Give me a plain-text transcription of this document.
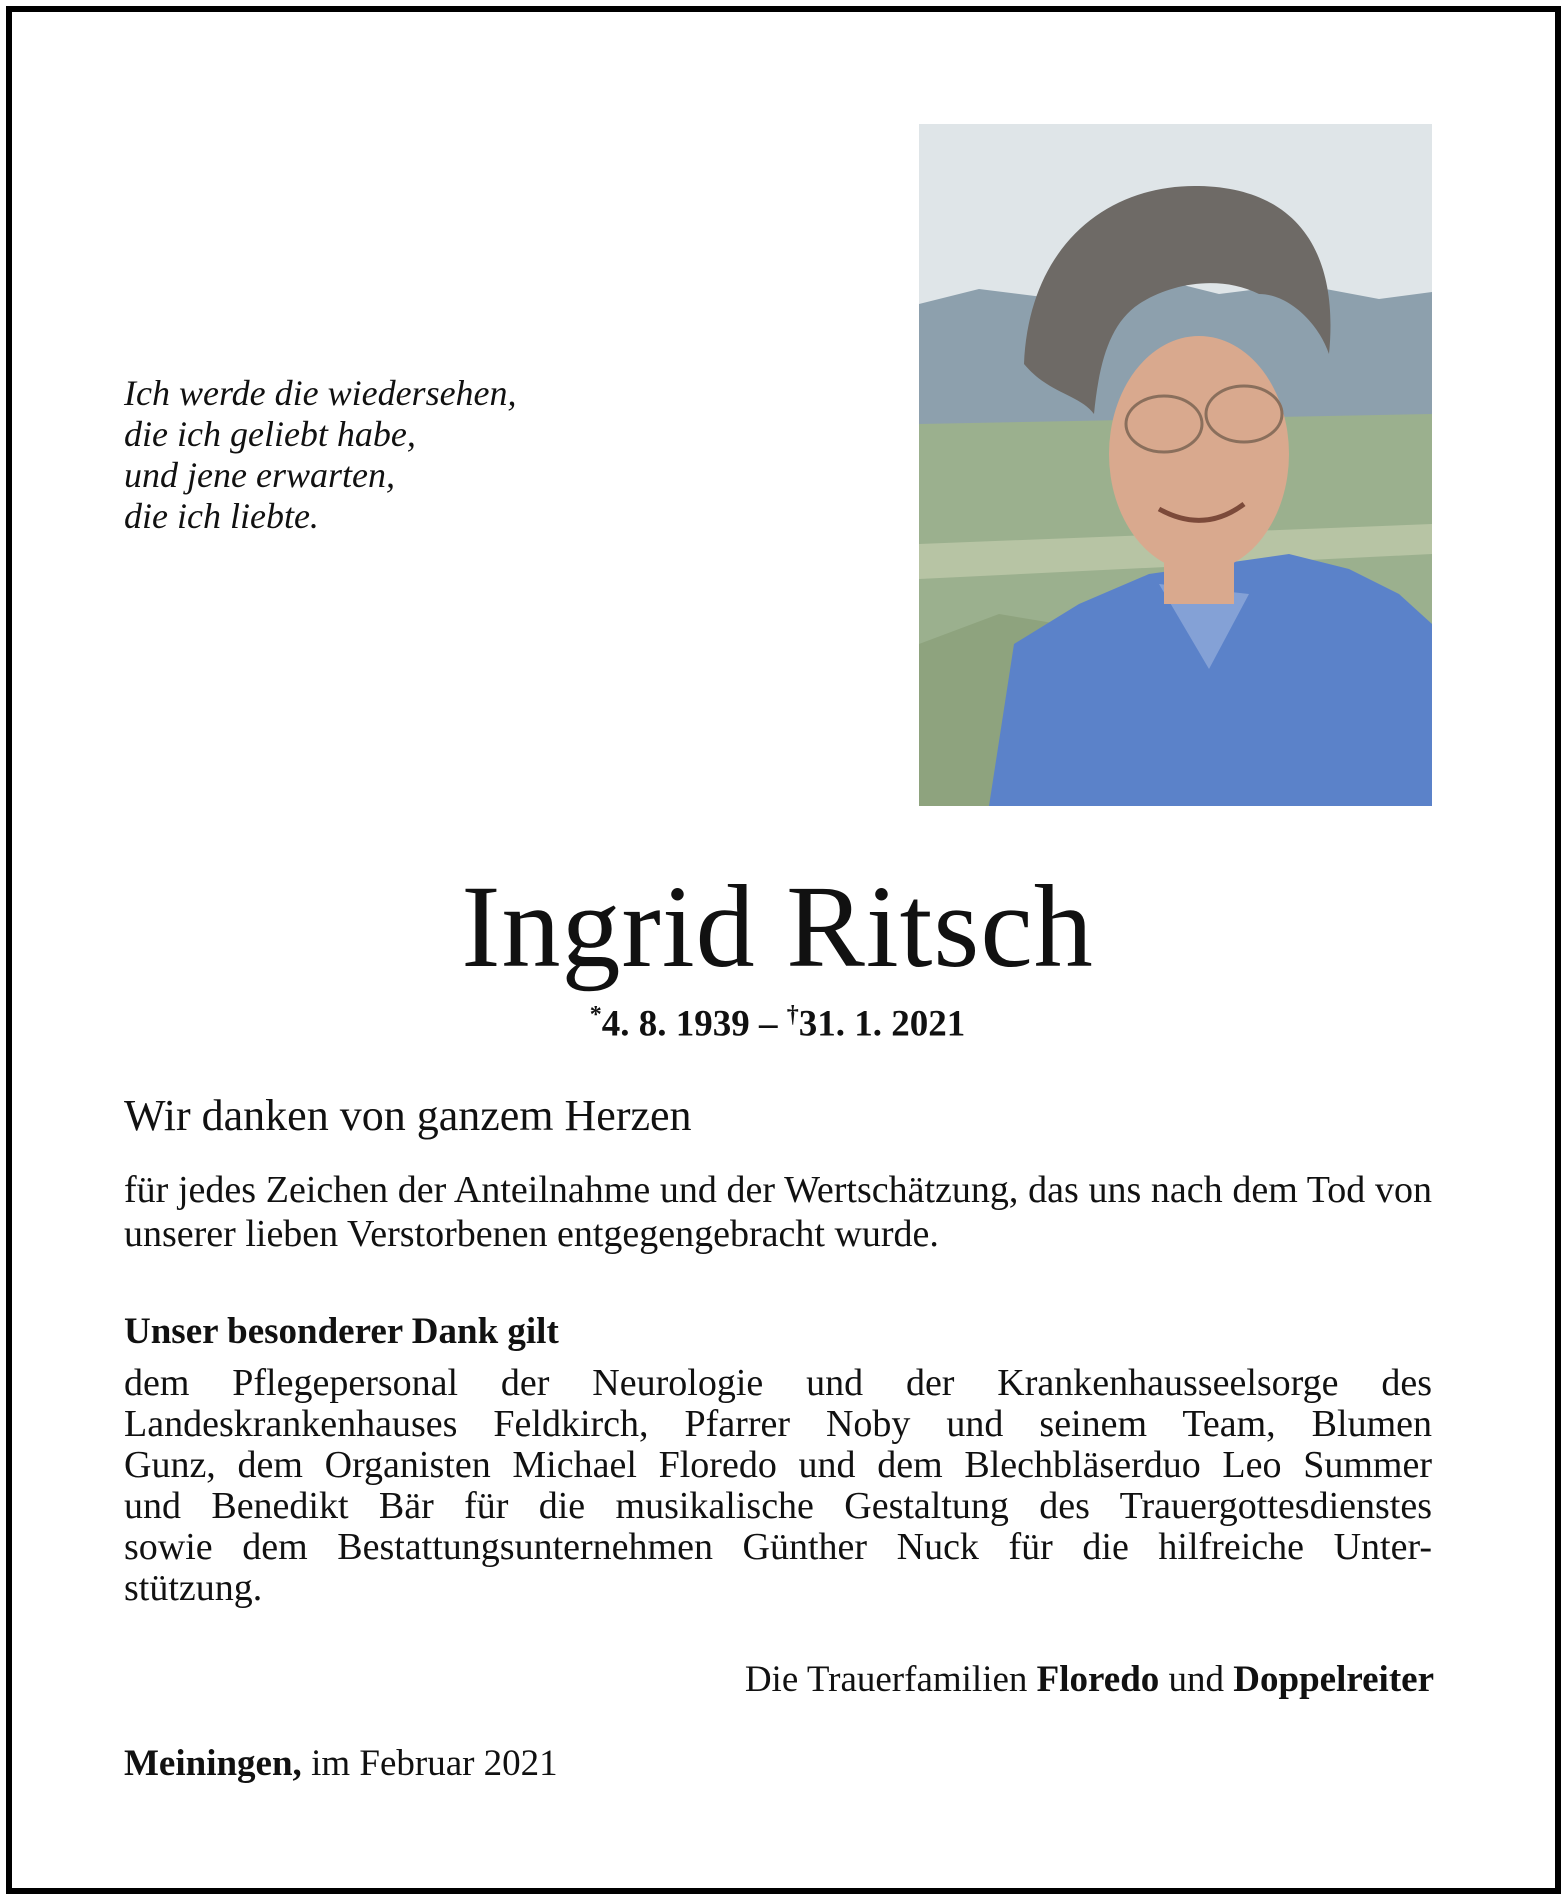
Ich werde die wiedersehen,
die ich geliebt habe,
und jene erwarten,
die ich liebte.
Ingrid Ritsch
*4. 8. 1939 – †31. 1. 2021
Wir danken von ganzem Herzen
für jedes Zeichen der Anteilnahme und der Wertschätzung, das uns nach dem Tod von unserer lieben Verstorbenen entgegengebracht wurde.
Unser besonderer Dank gilt
dem Pflegepersonal der Neurologie und der Krankenhausseelsorge des
Landeskrankenhauses Feldkirch, Pfarrer Noby und seinem Team, Blumen
Gunz, dem Organisten Michael Floredo und dem Blechbläserduo Leo Summer
und Benedikt Bär für die musikalische Gestaltung des Trauergottesdienstes
sowie dem Bestattungsunternehmen Günther Nuck für die hilfreiche Unter-
stützung.
Die Trauerfamilien Floredo und Doppelreiter
Meiningen, im Februar 2021
